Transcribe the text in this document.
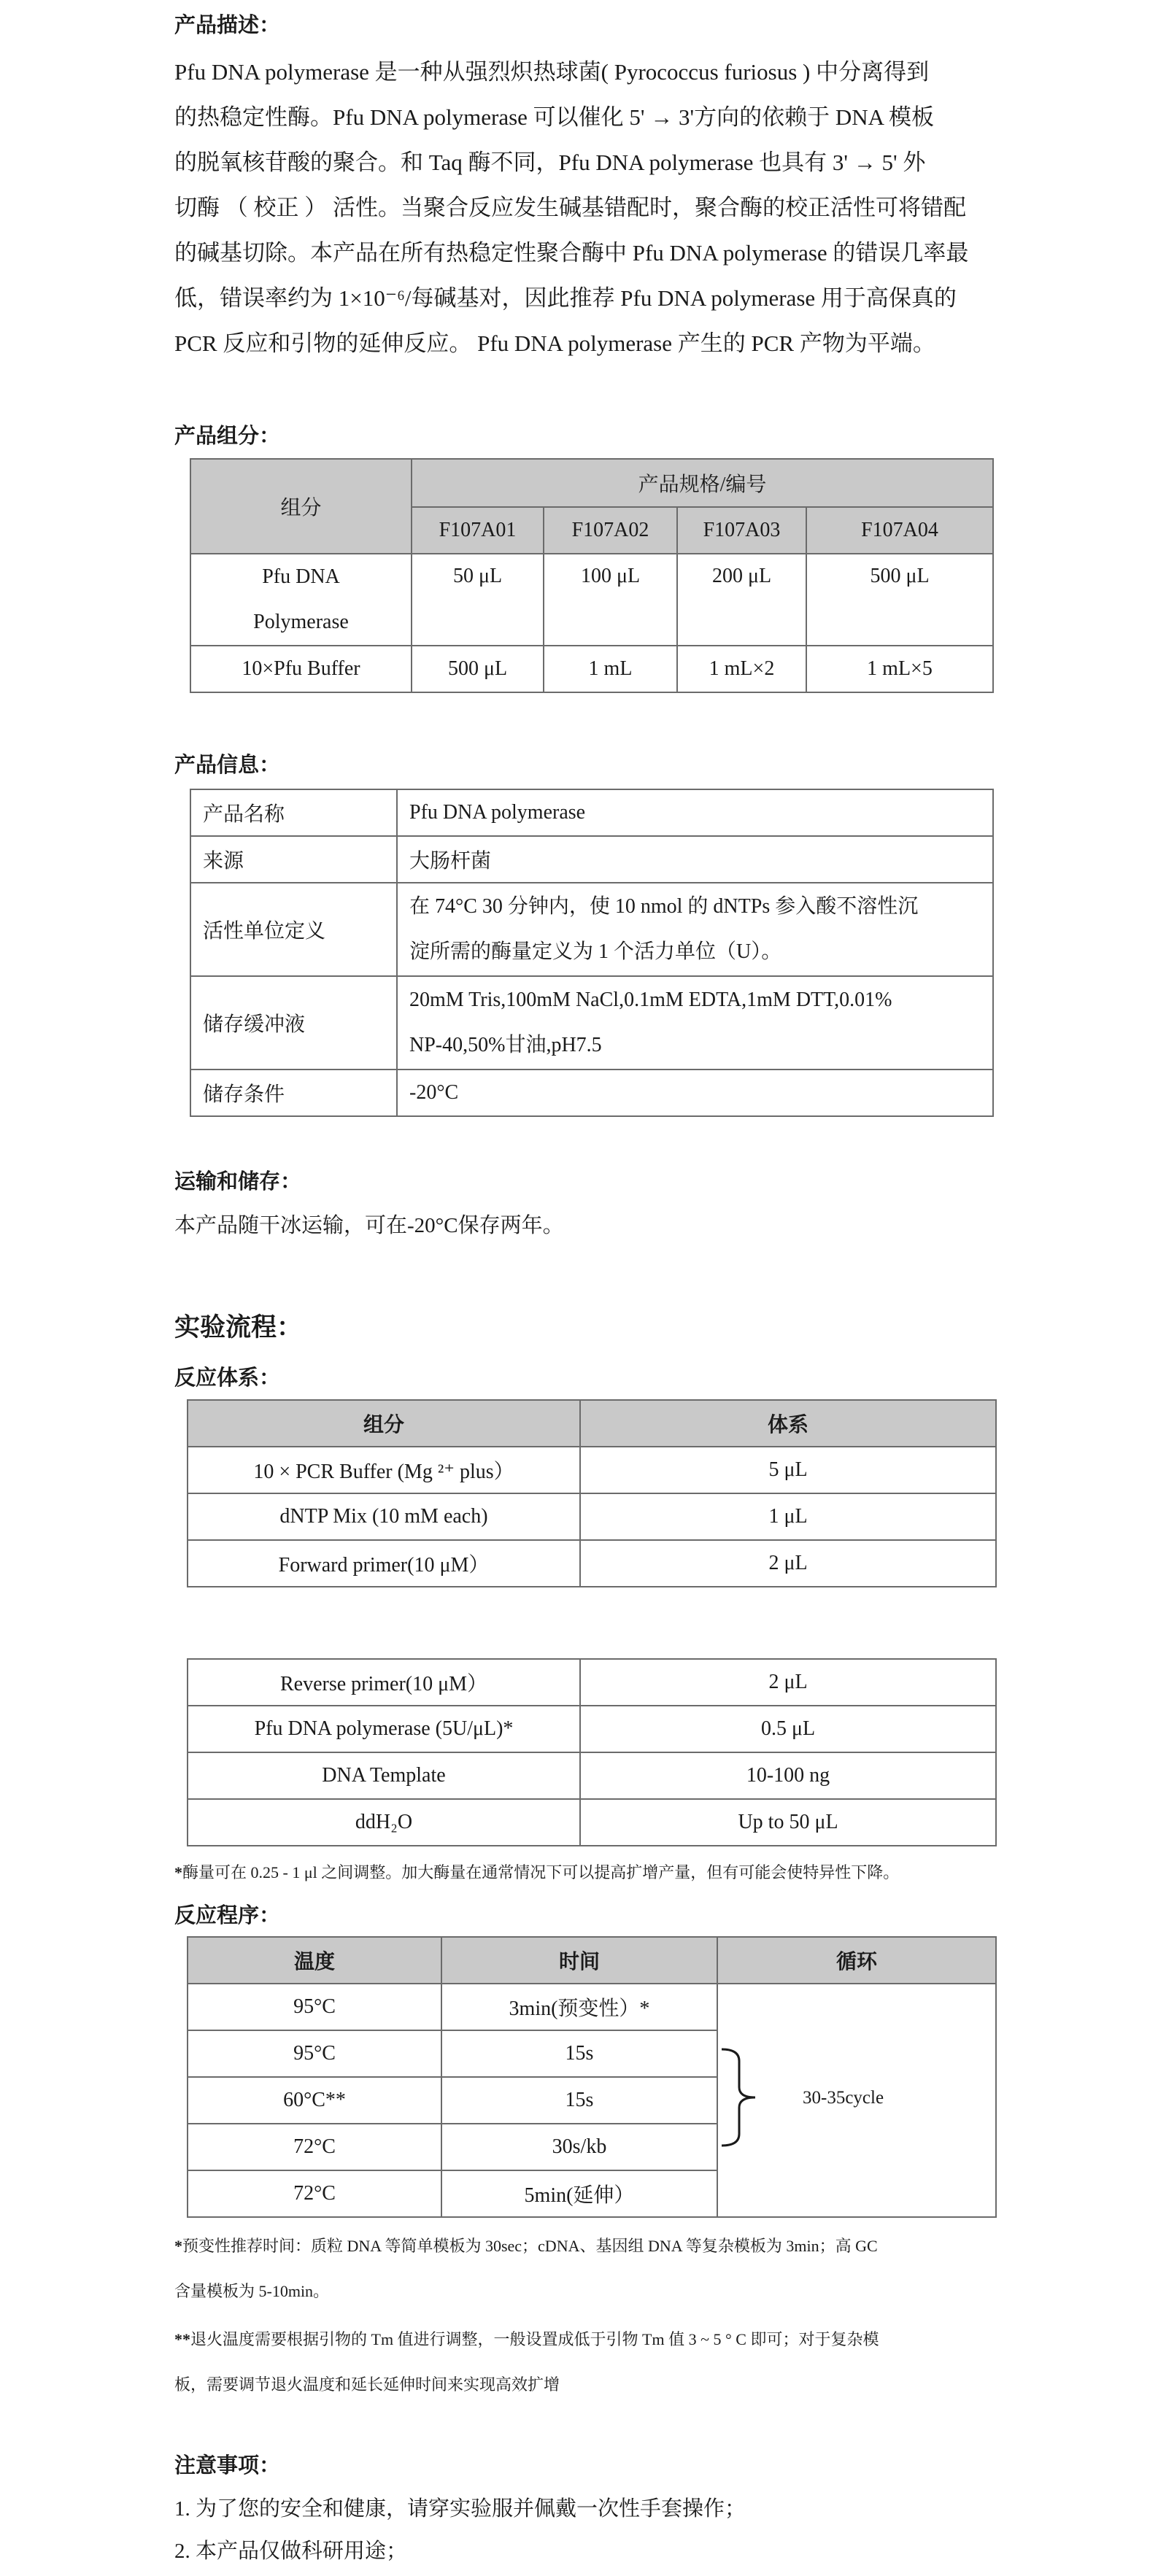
产品描述：

Pfu DNA polymerase 是一种从强烈炽热球菌( Pyrococcus furiosus ) 中分离得到
的热稳定性酶。Pfu DNA polymerase 可以催化 5' → 3'方向的依赖于 DNA 模板
的脱氧核苷酸的聚合。和 Taq 酶不同，Pfu DNA polymerase 也具有 3' → 5' 外
切酶 （ 校正 ） 活性。当聚合反应发生碱基错配时，聚合酶的校正活性可将错配
的碱基切除。本产品在所有热稳定性聚合酶中 Pfu DNA polymerase 的错误几率最
低，错误率约为 1×10⁻⁶/每碱基对，因此推荐 Pfu DNA polymerase 用于高保真的
PCR 反应和引物的延伸反应。 Pfu DNA polymerase 产生的 PCR 产物为平端。

产品组分：

组分	产品规格/编号			
	F107A01	F107A02	F107A03	F107A04

Pfu DNA
Polymerase	50 μL	100 μL	200 μL	500 μL
10×Pfu Buffer	500 μL	1 mL	1 mL×2	1 mL×5

产品信息：

产品名称	Pfu DNA polymerase
来源	大肠杆菌
活性单位定义	在 74°C 30 分钟内，使 10 nmol 的 dNTPs 参入酸不溶性沉
淀所需的酶量定义为 1 个活力单位（U）。

储存缓冲液	20mM Tris,100mM NaCl,0.1mM EDTA,1mM DTT,0.01%
NP-40,50%甘油,pH7.5

储存条件	-20°C

运输和储存：

本产品随干冰运输，可在-20°C保存两年。

实验流程：

反应体系：

组分	体系
10 × PCR Buffer (Mg ²⁺ plus）	5 μL
dNTP Mix (10 mM each)	1 μL
Forward primer(10 μM）	2 μL
Reverse primer(10 μM）	2 μL
Pfu DNA polymerase (5U/μL)*	0.5 μL
DNA Template	10-100 ng
ddH₂O	Up to 50 μL

*酶量可在 0.25 - 1 μl 之间调整。加大酶量在通常情况下可以提高扩增产量，但有可能会使特异性下降。

反应程序：

温度	时间	循环
95°C	3min(预变性）*	
95°C	15s	
60°C**	15s	
72°C	30s/kb	
72°C	5min(延伸）	
30-35cycle
*预变性推荐时间：质粒 DNA 等简单模板为 30sec；cDNA、基因组 DNA 等复杂模板为 3min；高 GC
含量模板为 5-10min。
**退火温度需要根据引物的 Tm 值进行调整，一般设置成低于引物 Tm 值 3 ~ 5 ° C 即可；对于复杂模
板，需要调节退火温度和延长延伸时间来实现高效扩增

注意事项：

1. 为了您的安全和健康，请穿实验服并佩戴一次性手套操作；
2. 本产品仅做科研用途；
